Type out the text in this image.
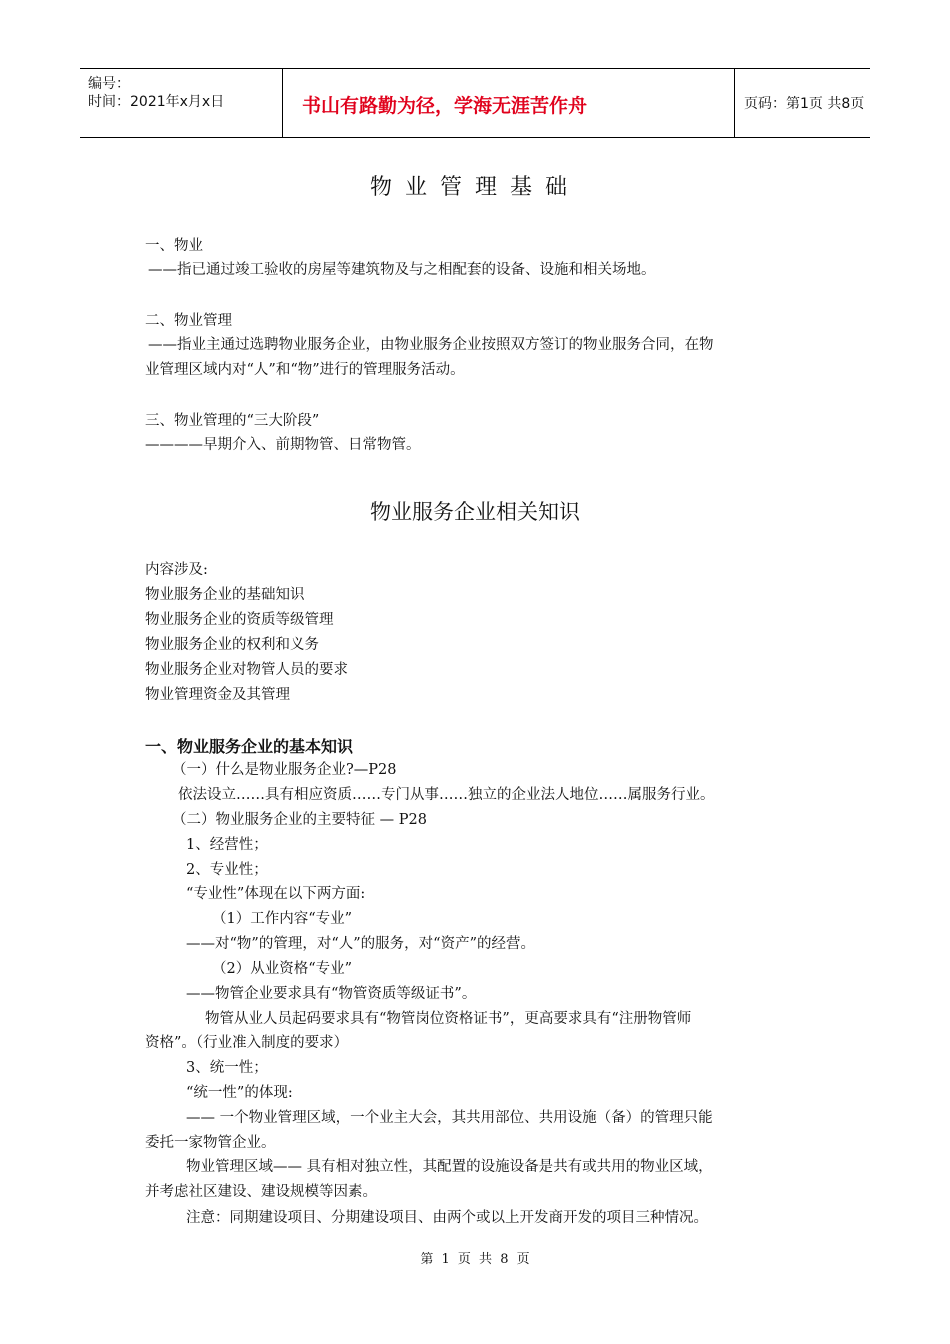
编号：
时间：2021年x月x日	书山有路勤为径，学海无涯苦作舟	页码：第1页 共8页
物业管理基础
一、物业
——指已通过竣工验收的房屋等建筑物及与之相配套的设备、设施和相关场地。
二、物业管理
——指业主通过选聘物业服务企业，由物业服务企业按照双方签订的物业服务合同，在物
业管理区域内对“人”和“物”进行的管理服务活动。
三、物业管理的“三大阶段”
————早期介入、前期物管、日常物管。
物业服务企业相关知识
内容涉及:
物业服务企业的基础知识
物业服务企业的资质等级管理
物业服务企业的权利和义务
物业服务企业对物管人员的要求
物业管理资金及其管理
一、物业服务企业的基本知识
（一）什么是物业服务企业?—P28
依法设立……具有相应资质……专门从事……独立的企业法人地位……属服务行业。
（二）物业服务企业的主要特征 — P28
1、经营性；
2、专业性；
“专业性”体现在以下两方面:
（1）工作内容“专业”
——对“物”的管理，对“人”的服务，对“资产”的经营。
（2）从业资格“专业”
——物管企业要求具有“物管资质等级证书”。
物管从业人员起码要求具有“物管岗位资格证书”，更高要求具有“注册物管师
资格”。（行业准入制度的要求）
3、统一性；
“统一性”的体现:
—— 一个物业管理区域，一个业主大会，其共用部位、共用设施（备）的管理只能
委托一家物管企业。
物业管理区域—— 具有相对独立性，其配置的设施设备是共有或共用的物业区域，
并考虑社区建设、建设规模等因素。
注意：同期建设项目、分期建设项目、由两个或以上开发商开发的项目三种情况。
第 1 页 共 8 页
